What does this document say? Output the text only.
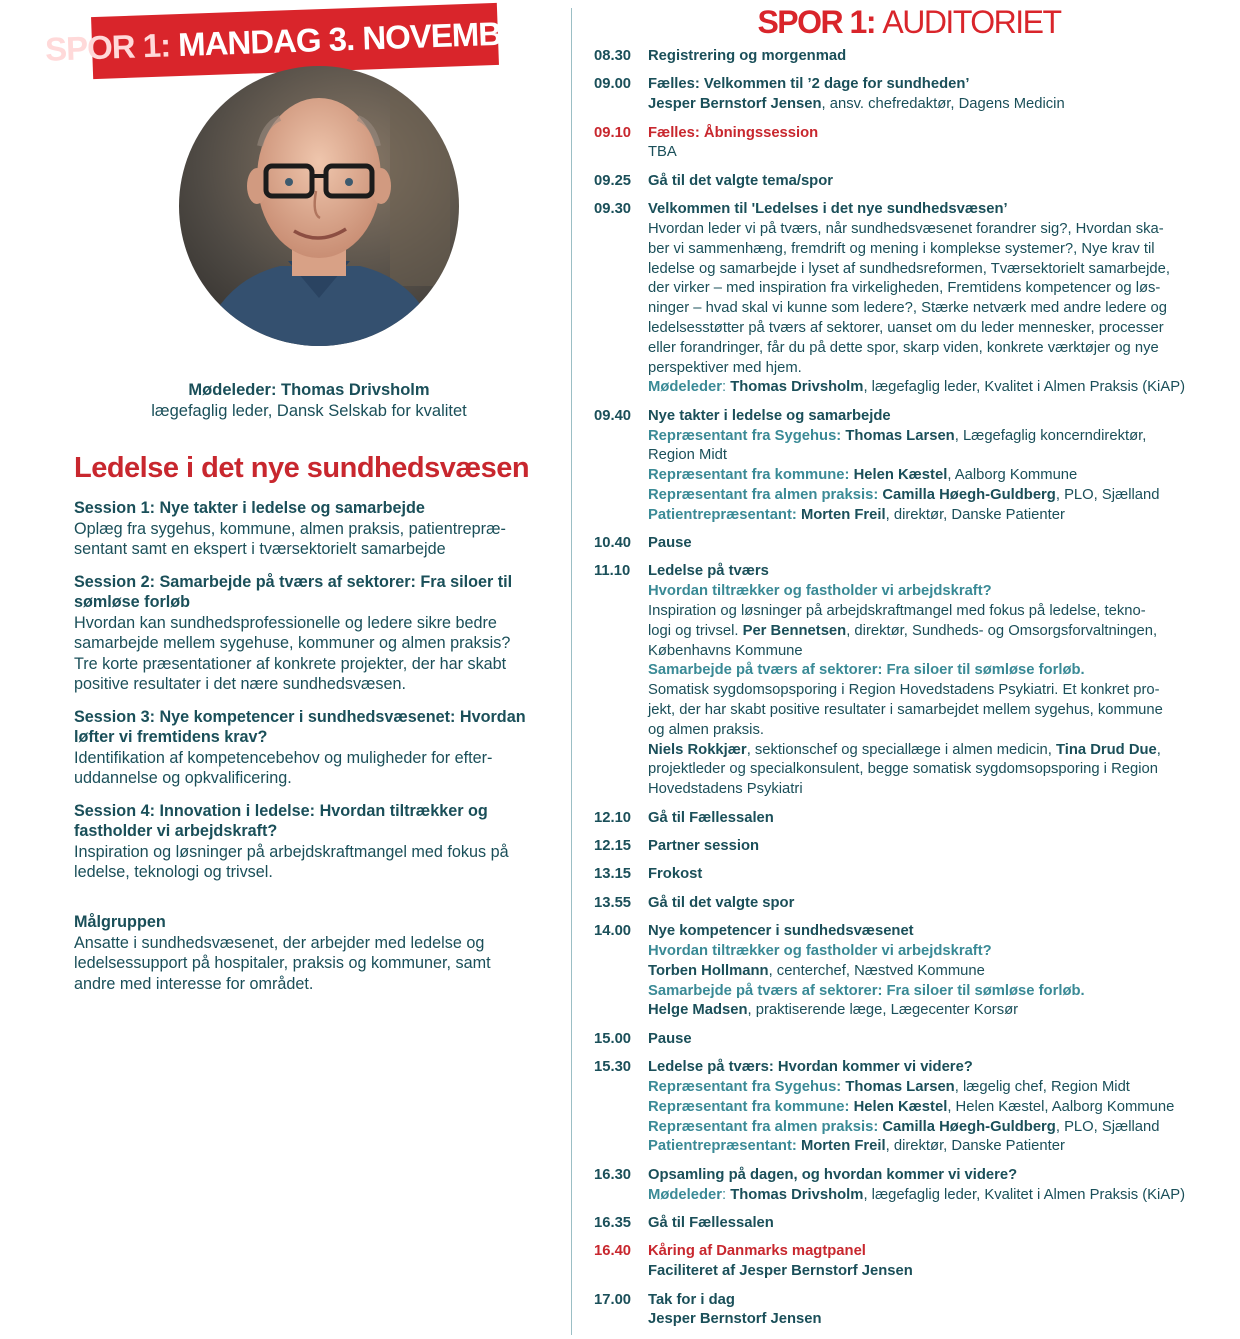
SPOR 1: MANDAG 3. NOVEMBER
Mødeleder: Thomas Drivsholm
lægefaglig leder, Dansk Selskab for kvalitet
Ledelse i det nye sundhedsvæsen
Session 1: Nye takter i ledelse og samarbejde
Oplæg fra sygehus, kommune, almen praksis, patientrepræ-
sentant samt en ekspert i tværsektorielt samarbejde
Session 2: Samarbejde på tværs af sektorer: Fra siloer til sømløse forløb
Hvordan kan sundhedsprofessionelle og ledere sikre bedre
samarbejde mellem sygehuse, kommuner og almen praksis?
Tre korte præsentationer af konkrete projekter, der har skabt
positive resultater i det nære sundhedsvæsen.
Session 3: Nye kompetencer i sundhedsvæsenet: Hvordan løfter vi fremtidens krav?
Identifikation af kompetencebehov og muligheder for efter-
uddannelse og opkvalificering.
Session 4: Innovation i ledelse: Hvordan tiltrækker og fastholder vi arbejdskraft?
Inspiration og løsninger på arbejdskraftmangel med fokus på
ledelse, teknologi og trivsel.
Målgruppen
Ansatte i sundhedsvæsenet, der arbejder med ledelse og
ledelsessupport på hospitaler, praksis og kommuner, samt
andre med interesse for området.
SPOR 1: AUDITORIET
08.30	Registrering og morgenmad
09.00	Fælles: Velkommen til ’2 dage for sundheden’
Jesper Bernstorf Jensen, ansv. chefredaktør, Dagens Medicin
09.10	Fælles: Åbningssession
TBA
09.25	Gå til det valgte tema/spor
09.30	Velkommen til 'Ledelses i det nye sundhedsvæsen’
Hvordan leder vi på tværs, når sundhedsvæsenet forandrer sig?, Hvordan ska-
ber vi sammenhæng, fremdrift og mening i komplekse systemer?, Nye krav til
ledelse og samarbejde i lyset af sundhedsreformen, Tværsektorielt samarbejde,
der virker – med inspiration fra virkeligheden, Fremtidens kompetencer og løs-
ninger – hvad skal vi kunne som ledere?, Stærke netværk med andre ledere og
ledelsesstøtter på tværs af sektorer, uanset om du leder mennesker, processer
eller forandringer, får du på dette spor, skarp viden, konkrete værktøjer og nye
perspektiver med hjem.
Mødeleder: Thomas Drivsholm, lægefaglig leder, Kvalitet i Almen Praksis (KiAP)
09.40	Nye takter i ledelse og samarbejde
Repræsentant fra Sygehus: Thomas Larsen, Lægefaglig koncerndirektør,
Region Midt
Repræsentant fra kommune: Helen Kæstel, Aalborg Kommune
Repræsentant fra almen praksis: Camilla Høegh-Guldberg, PLO, Sjælland
Patientrepræsentant: Morten Freil, direktør, Danske Patienter
10.40	Pause
11.10	Ledelse på tværs
Hvordan tiltrækker og fastholder vi arbejdskraft?
Inspiration og løsninger på arbejdskraftmangel med fokus på ledelse, tekno-
logi og trivsel. Per Bennetsen, direktør, Sundheds- og Omsorgsforvaltningen,
Københavns Kommune
Samarbejde på tværs af sektorer: Fra siloer til sømløse forløb.
Somatisk sygdomsopsporing i Region Hovedstadens Psykiatri. Et konkret pro-
jekt, der har skabt positive resultater i samarbejdet mellem sygehus, kommune
og almen praksis.
Niels Rokkjær, sektionschef og speciallæge i almen medicin, Tina Drud Due,
projektleder og specialkonsulent, begge somatisk sygdomsopsporing i Region
Hovedstadens Psykiatri
12.10	Gå til Fællessalen
12.15	Partner session
13.15	Frokost
13.55	Gå til det valgte spor
14.00	Nye kompetencer i sundhedsvæsenet
Hvordan tiltrækker og fastholder vi arbejdskraft?
Torben Hollmann, centerchef, Næstved Kommune
Samarbejde på tværs af sektorer: Fra siloer til sømløse forløb.
Helge Madsen, praktiserende læge, Lægecenter Korsør
15.00	Pause
15.30	Ledelse på tværs: Hvordan kommer vi videre?
Repræsentant fra Sygehus: Thomas Larsen, lægelig chef, Region Midt
Repræsentant fra kommune: Helen Kæstel, Helen Kæstel, Aalborg Kommune
Repræsentant fra almen praksis: Camilla Høegh-Guldberg, PLO, Sjælland
Patientrepræsentant: Morten Freil, direktør, Danske Patienter
16.30	Opsamling på dagen, og hvordan kommer vi videre?
Mødeleder: Thomas Drivsholm, lægefaglig leder, Kvalitet i Almen Praksis (KiAP)
16.35	Gå til Fællessalen
16.40	Kåring af Danmarks magtpanel
Faciliteret af Jesper Bernstorf Jensen
17.00	Tak for i dag
Jesper Bernstorf Jensen
